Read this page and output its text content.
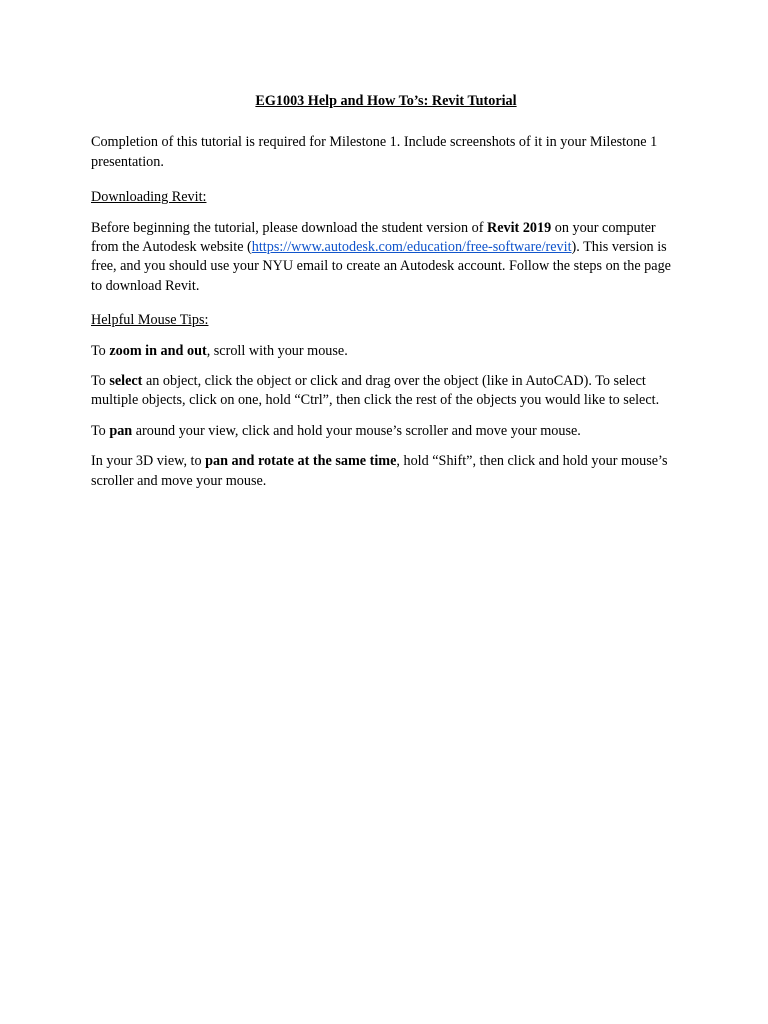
EG1003 Help and How To’s: Revit Tutorial

Completion of this tutorial is required for Milestone 1. Include screenshots of it in your Milestone 1 presentation.

Downloading Revit:

Before beginning the tutorial, please download the student version of Revit 2019 on your computer from the Autodesk website (https://www.autodesk.com/education/free-software/revit). This version is free, and you should use your NYU email to create an Autodesk account. Follow the steps on the page to download Revit.

Helpful Mouse Tips:

To zoom in and out, scroll with your mouse.

To select an object, click the object or click and drag over the object (like in AutoCAD). To select multiple objects, click on one, hold “Ctrl”, then click the rest of the objects you would like to select.

To pan around your view, click and hold your mouse’s scroller and move your mouse.

In your 3D view, to pan and rotate at the same time, hold “Shift”, then click and hold your mouse’s scroller and move your mouse.
